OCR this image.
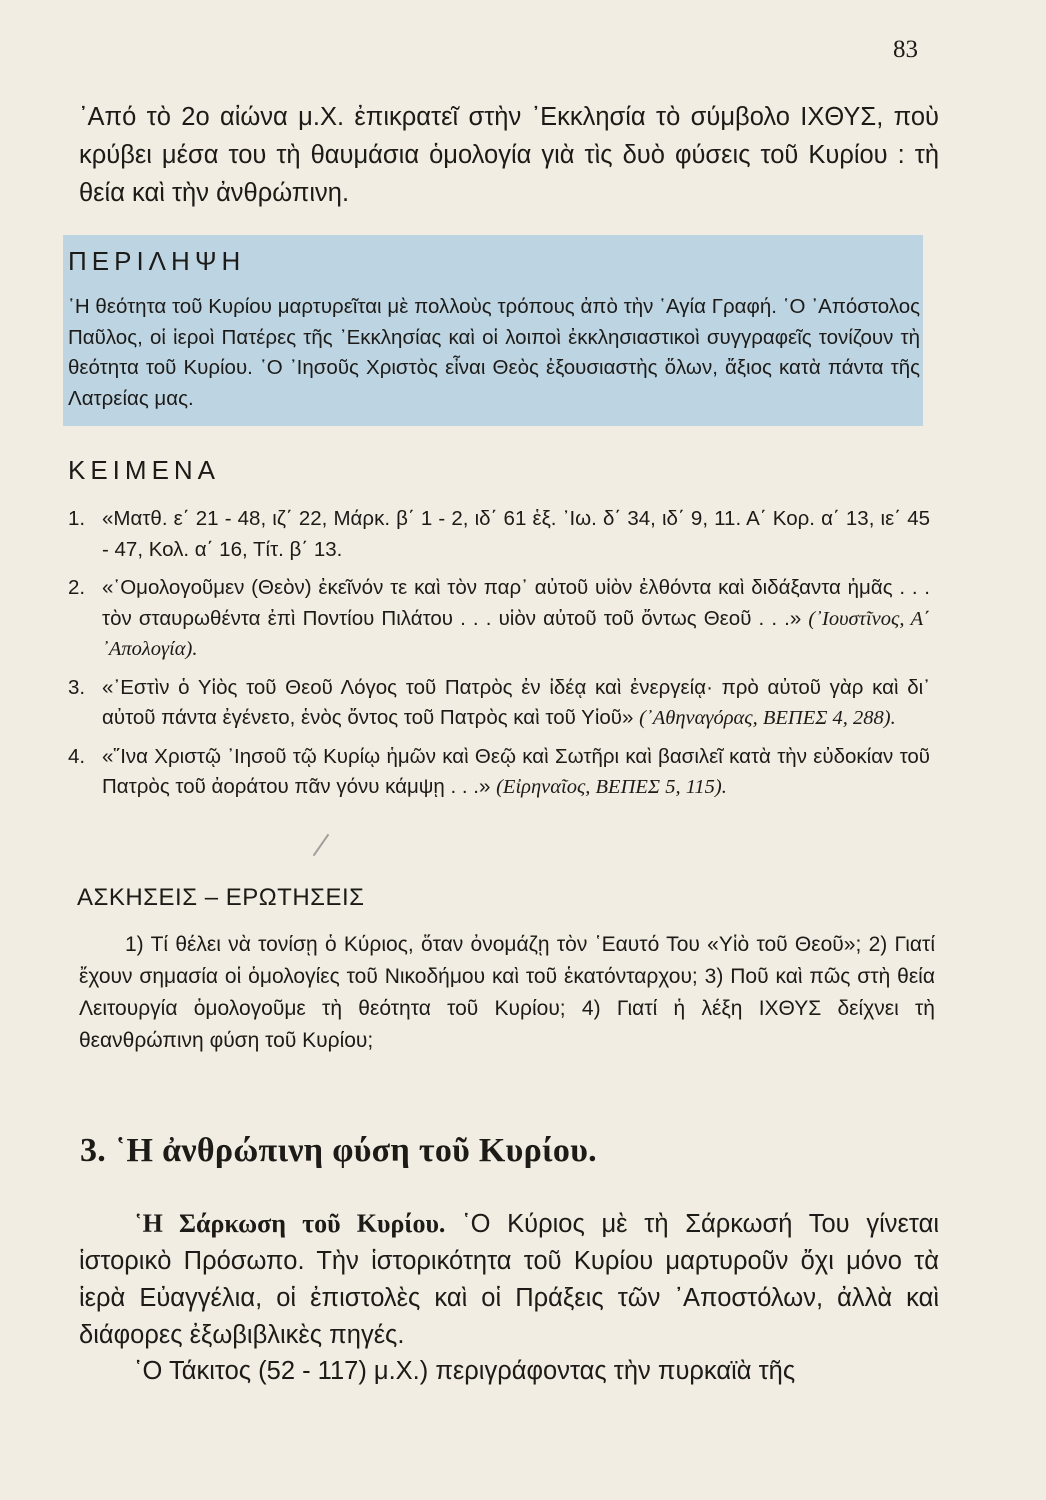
83

᾿Από τὸ 2ο αἰώνα μ.Χ. ἐπικρατεῖ στὴν ᾿Εκκλησία τὸ σύμβολο ΙΧΘΥΣ, ποὺ κρύβει μέσα του τὴ θαυμάσια ὁμολογία γιὰ τὶς δυὸ φύσεις τοῦ Κυρίου : τὴ θεία καὶ τὴν ἀνθρώπινη.

ΠΕΡΙΛΗΨΗ

῾Η θεότητα τοῦ Κυρίου μαρτυρεῖται μὲ πολλοὺς τρόπους ἀπὸ τὴν ῾Αγία Γραφή. ῾Ο ᾿Απόστολος Παῦλος, οἱ ἱεροὶ Πατέρες τῆς ᾿Εκκλησίας καὶ οἱ λοιποὶ ἐκκλησιαστικοὶ συγγραφεῖς τονίζουν τὴ θεότητα τοῦ Κυρίου. ῾Ο ᾿Ιησοῦς Χριστὸς εἶναι Θεὸς ἐξουσιαστὴς ὅλων, ἄξιος κατὰ πάντα τῆς Λατρείας μας.

ΚΕΙΜΕΝΑ
1. «Ματθ. ε΄ 21 - 48, ιζ΄ 22, Μάρκ. β΄ 1 - 2, ιδ΄ 61 ἑξ. ᾿Ιω. δ΄ 34, ιδ΄ 9, 11. Α΄ Κορ. α΄ 13, ιε΄ 45 - 47, Κολ. α΄ 16, Τίτ. β΄ 13.
2. «῾Ομολογοῦμεν (Θεὸν) ἐκεῖνόν τε καὶ τὸν παρ᾿ αὐτοῦ υἱὸν ἐλθόντα καὶ διδάξαντα ἡμᾶς . . . τὸν σταυρωθέντα ἐπὶ Ποντίου Πιλάτου . . . υἱὸν αὐτοῦ τοῦ ὄντως Θεοῦ . . .» (᾿Ιουστῖνος, Α΄ ᾿Απολογία).
3. «᾿Εστὶν ὁ Υἱὸς τοῦ Θεοῦ Λόγος τοῦ Πατρὸς ἐν ἰδέᾳ καὶ ἐνεργείᾳ· πρὸ αὐτοῦ γὰρ καὶ δι᾿ αὐτοῦ πάντα ἐγένετο, ἑνὸς ὄντος τοῦ Πατρὸς καὶ τοῦ Υἱοῦ» (᾿Αθηναγόρας, ΒΕΠΕΣ 4, 288).
4. «῞Ινα Χριστῷ ᾿Ιησοῦ τῷ Κυρίῳ ἡμῶν καὶ Θεῷ καὶ Σωτῆρι καὶ βασιλεῖ κατὰ τὴν εὐδοκίαν τοῦ Πατρὸς τοῦ ἀοράτου πᾶν γόνυ κάμψῃ . . .» (Εἰρηναῖος, ΒΕΠΕΣ 5, 115).
ΑΣΚΗΣΕΙΣ – ΕΡΩΤΗΣΕΙΣ

1) Τί θέλει νὰ τονίσῃ ὁ Κύριος, ὅταν ὀνομάζῃ τὸν ῾Εαυτό Του «Υἱὸ τοῦ Θεοῦ»; 2) Γιατί ἔχουν σημασία οἱ ὁμολογίες τοῦ Νικοδήμου καὶ τοῦ ἑκατόνταρχου; 3) Ποῦ καὶ πῶς στὴ θεία Λειτουργία ὁμολογοῦμε τὴ θεότητα τοῦ Κυρίου; 4) Γιατί ἡ λέξη ΙΧΘΥΣ δείχνει τὴ θεανθρώπινη φύση τοῦ Κυρίου;

3. ῾Η ἀνθρώπινη φύση τοῦ Κυρίου.

῾Η Σάρκωση τοῦ Κυρίου. ῾Ο Κύριος μὲ τὴ Σάρκωσή Του γίνεται ἱστορικὸ Πρόσωπο. Τὴν ἱστορικότητα τοῦ Κυρίου μαρτυροῦν ὄχι μόνο τὰ ἱερὰ Εὐαγγέλια, οἱ ἐπιστολὲς καὶ οἱ Πράξεις τῶν ᾿Αποστόλων, ἀλλὰ καὶ διάφορες ἐξωβιβλικὲς πηγές.

῾Ο Τάκιτος (52 - 117) μ.Χ.) περιγράφοντας τὴν πυρκαϊὰ τῆς
